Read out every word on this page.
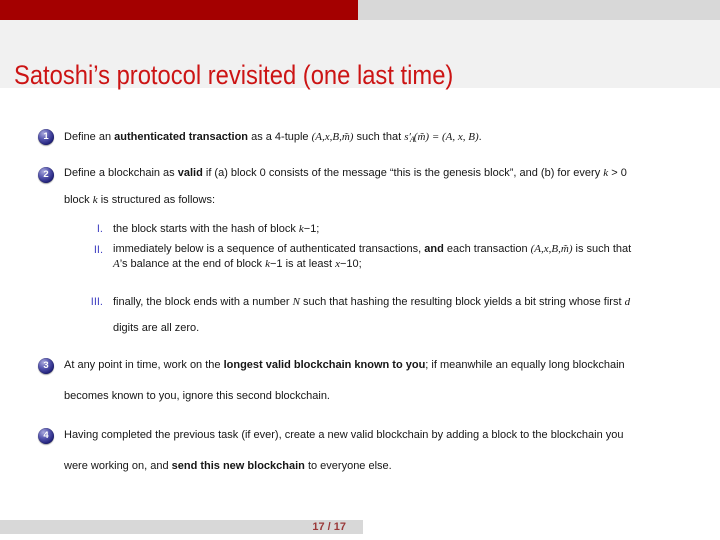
Satoshi’s protocol revisited (one last time)
1	Define an authenticated transaction as a 4-tuple (A,x,B,m̃) such that s′A(m̃) = (A, x, B).
2	Define a blockchain as valid if (a) block 0 consists of the message “this is the genesis block”, and (b) for every k > 0
block k is structured as follows:
I. the block starts with the hash of block k−1;
II. immediately below is a sequence of authenticated transactions, and each transaction (A,x,B,m̃) is such that
A’s balance at the end of block k−1 is at least x−10;
III. finally, the block ends with a number N such that hashing the resulting block yields a bit string whose first d
digits are all zero.
3	At any point in time, work on the longest valid blockchain known to you; if meanwhile an equally long blockchain
becomes known to you, ignore this second blockchain.
4	Having completed the previous task (if ever), create a new valid blockchain by adding a block to the blockchain you
were working on, and send this new blockchain to everyone else.
17 / 17
